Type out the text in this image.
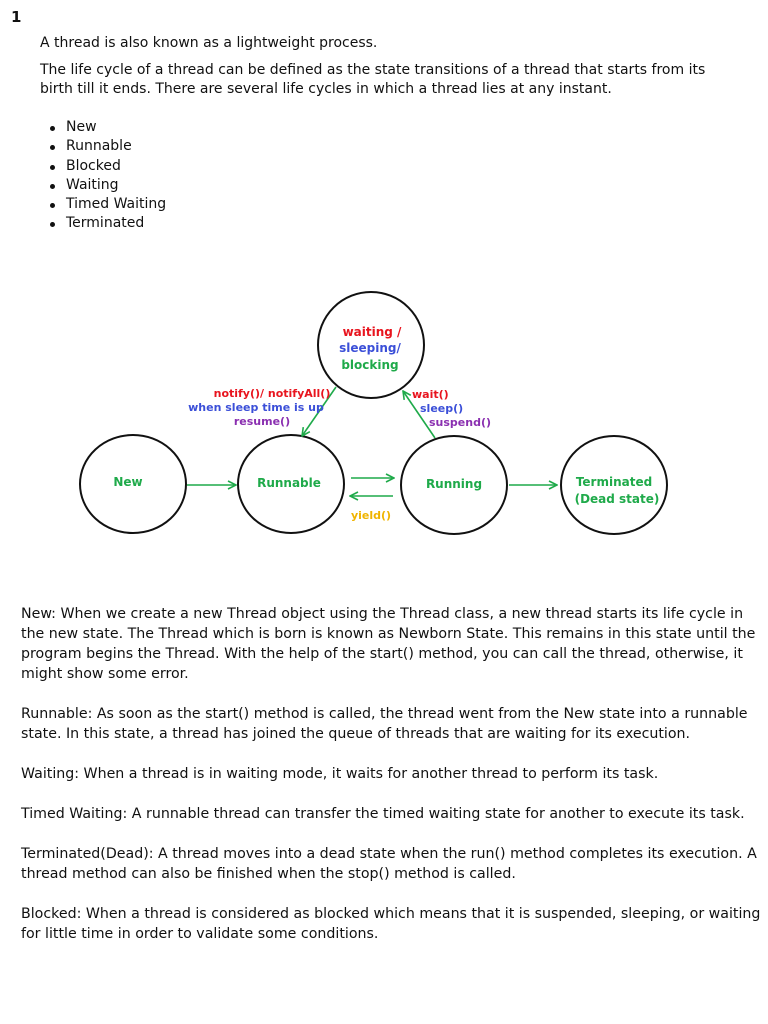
1

A thread is also known as a lightweight process.

The life cycle of a thread can be defined as the state transitions of a thread that starts from its birth till it ends. There are several life cycles in which a thread lies at any instant.

New
Runnable
Blocked
Waiting
Timed Waiting
Terminated
waiting /
sleeping/
blocking
New	Runnable	Running	Terminated
(Dead state)
notify()/ notifyAll()
when sleep time is up
resume()
wait()
sleep()
suspend()
yield()

New: When we create a new Thread object using the Thread class, a new thread starts its life cycle in the new state. The Thread which is born is known as Newborn State. This remains in this state until the program begins the Thread. With the help of the start() method, you can call the thread, otherwise, it might show some error.

Runnable: As soon as the start() method is called, the thread went from the New state into a runnable state. In this state, a thread has joined the queue of threads that are waiting for its execution.

Waiting: When a thread is in waiting mode, it waits for another thread to perform its task.

Timed Waiting: A runnable thread can transfer the timed waiting state for another to execute its task.

Terminated(Dead): A thread moves into a dead state when the run() method completes its execution. A thread method can also be finished when the stop() method is called.

Blocked: When a thread is considered as blocked which means that it is suspended, sleeping, or waiting for little time in order to validate some conditions.
